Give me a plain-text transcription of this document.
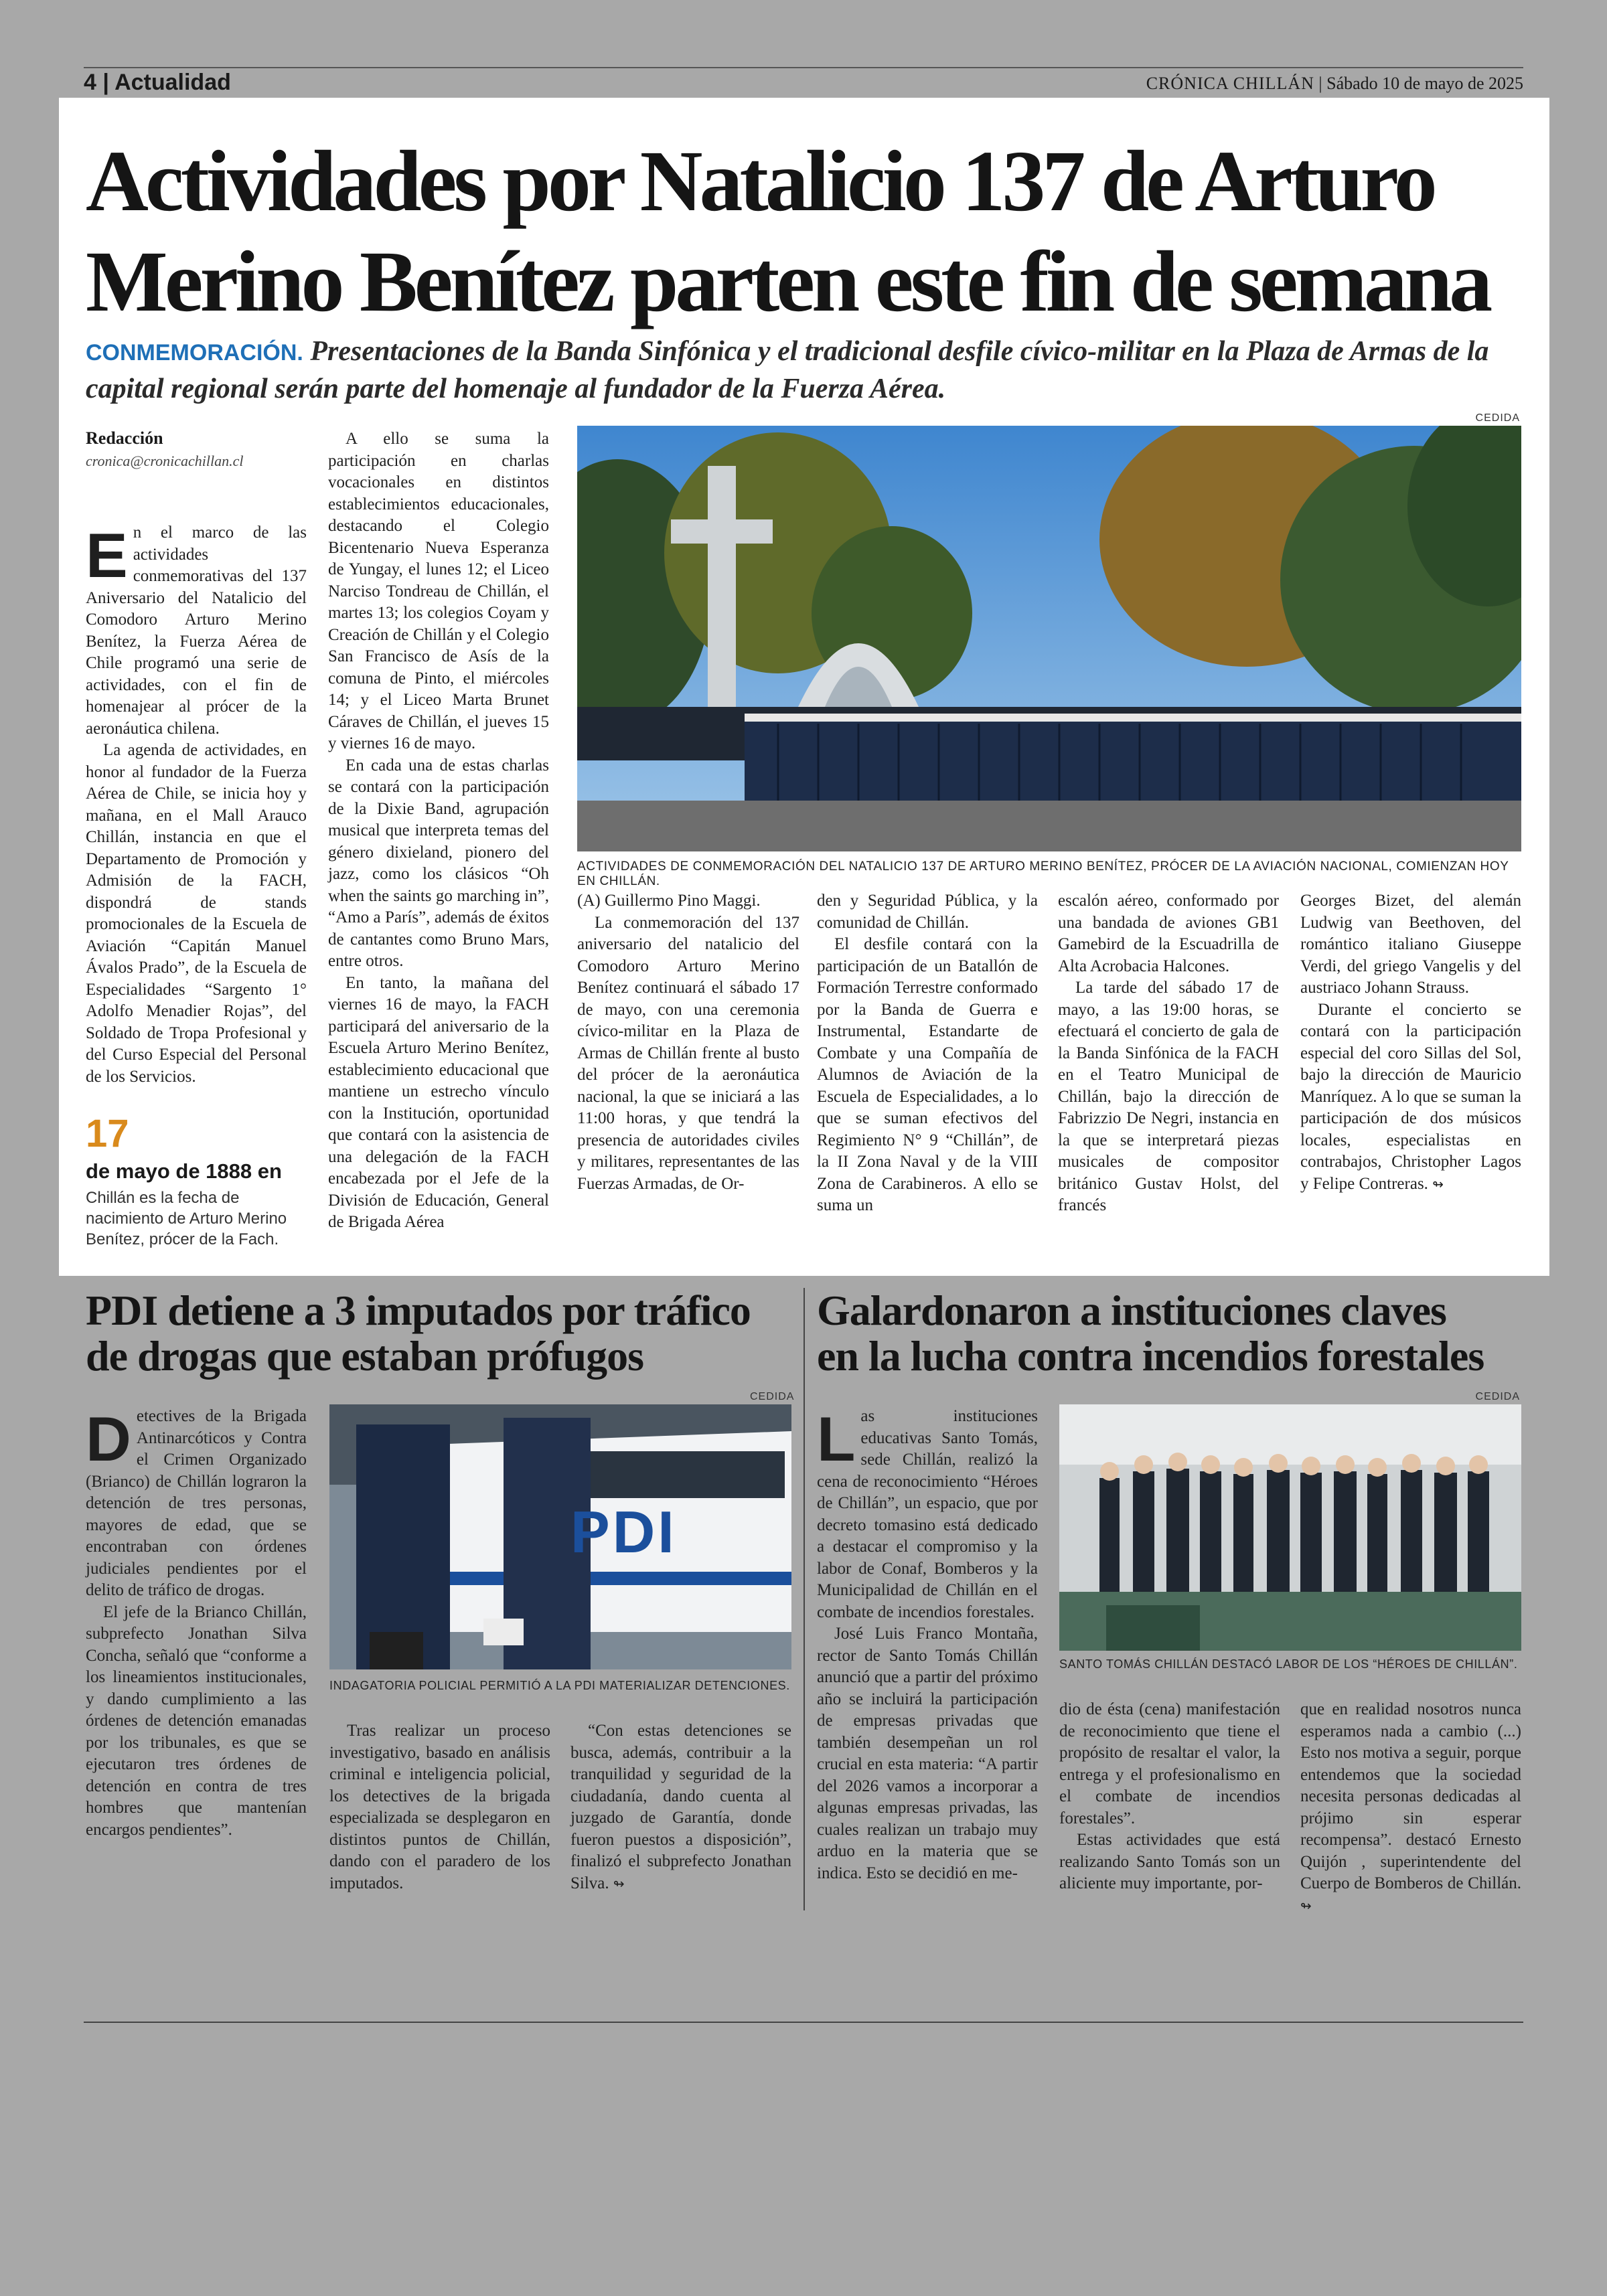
4 | Actualidad	CRÓNICA CHILLÁN | Sábado 10 de mayo de 2025
Actividades por Natalicio 137 de Arturo
Merino Benítez parten este fin de semana
CONMEMORACIÓN. Presentaciones de la Banda Sinfónica y el tradicional desfile cívico-militar en la Plaza de Armas de la capital regional serán parte del homenaje al fundador de la Fuerza Aérea.
Redacción
cronica@cronicachillan.cl

En el marco de las actividades conmemorativas del 137 Aniversario del Natalicio del Comodoro Arturo Merino Benítez, la Fuerza Aérea de Chile programó una serie de actividades, con el fin de homenajear al prócer de la aeronáutica chilena.

La agenda de actividades, en honor al fundador de la Fuerza Aérea de Chile, se inicia hoy y mañana, en el Mall Arauco Chillán, instancia en que el Departamento de Promoción y Admisión de la FACH, dispondrá de stands promocionales de la Escuela de Aviación “Capitán Manuel Ávalos Prado”, de la Escuela de Especialidades “Sargento 1° Adolfo Menadier Rojas”, del Soldado de Tropa Profesional y del Curso Especial del Personal de los Servicios.

17
de mayo de 1888 en
Chillán es la fecha de nacimiento de Arturo Merino Benítez, prócer de la Fach.

A ello se suma la participación en charlas vocacionales en distintos establecimientos educacionales, destacando el Colegio Bicentenario Nueva Esperanza de Yungay, el lunes 12; el Liceo Narciso Tondreau de Chillán, el martes 13; los colegios Coyam y Creación de Chillán y el Colegio San Francisco de Asís de la comuna de Pinto, el miércoles 14; y el Liceo Marta Brunet Cáraves de Chillán, el jueves 15 y viernes 16 de mayo.

En cada una de estas charlas se contará con la participación de la Dixie Band, agrupación musical que interpreta temas del género dixieland, pionero del jazz, como los clásicos “Oh when the saints go marching in”, “Amo a París”, además de éxitos de cantantes como Bruno Mars, entre otros.

En tanto, la mañana del viernes 16 de mayo, la FACH participará del aniversario de la Escuela Arturo Merino Benítez, establecimiento educacional que mantiene un estrecho vínculo con la Institución, oportunidad que contará con la asistencia de una delegación de la FACH encabezada por el Jefe de la División de Educación, General de Brigada Aérea

CEDIDA
ACTIVIDADES DE CONMEMORACIÓN DEL NATALICIO 137 DE ARTURO MERINO BENÍTEZ, PRÓCER DE LA AVIACIÓN NACIONAL, COMIENZAN HOY EN CHILLÁN.

(A) Guillermo Pino Maggi.

La conmemoración del 137 aniversario del natalicio del Comodoro Arturo Merino Benítez continuará el sábado 17 de mayo, con una ceremonia cívico-militar en la Plaza de Armas de Chillán frente al busto del prócer de la aeronáutica nacional, la que se iniciará a las 11:00 horas, y que tendrá la presencia de autoridades civiles y militares, representantes de las Fuerzas Armadas, de Or-

den y Seguridad Pública, y la comunidad de Chillán.

El desfile contará con la participación de un Batallón de Formación Terrestre conformado por la Banda de Guerra e Instrumental, Estandarte de Combate y una Compañía de Alumnos de Aviación de la Escuela de Especialidades, a lo que se suman efectivos del Regimiento N° 9 “Chillán”, de la II Zona Naval y de la VIII Zona de Carabineros. A ello se suma un

escalón aéreo, conformado por una bandada de aviones GB1 Gamebird de la Escuadrilla de Alta Acrobacia Halcones.

La tarde del sábado 17 de mayo, a las 19:00 horas, se efectuará el concierto de gala de la Banda Sinfónica de la FACH en el Teatro Municipal de Chillán, bajo la dirección de Fabrizzio De Negri, instancia en la que se interpretará piezas musicales de compositor británico Gustav Holst, del francés

Georges Bizet, del alemán Ludwig van Beethoven, del romántico italiano Giuseppe Verdi, del griego Vangelis y del austriaco Johann Strauss.

Durante el concierto se contará con la participación especial del coro Sillas del Sol, bajo la dirección de Mauricio Manríquez. A lo que se suman la participación de dos músicos locales, especialistas en contrabajos, Christopher Lagos y Felipe Contreras. ↬

PDI detiene a 3 imputados por tráfico
de drogas que estaban prófugos

Detectives de la Brigada Antinarcóticos y Contra el Crimen Organizado (Brianco) de Chillán lograron la detención de tres personas, mayores de edad, que se encontraban con órdenes judiciales pendientes por el delito de tráfico de drogas.

El jefe de la Brianco Chillán, subprefecto Jonathan Silva Concha, señaló que “conforme a los lineamientos institucionales, y dando cumplimiento a las órdenes de detención emanadas por los tribunales, es que se ejecutaron tres órdenes de detención en contra de tres hombres que mantenían encargos pendientes”.

CEDIDA
PDI
INDAGATORIA POLICIAL PERMITIÓ A LA PDI MATERIALIZAR DETENCIONES.

Tras realizar un proceso investigativo, basado en análisis criminal e inteligencia policial, los detectives de la brigada especializada se desplegaron en distintos puntos de Chillán, dando con el paradero de los imputados.

“Con estas detenciones se busca, además, contribuir a la tranquilidad y seguridad de la ciudadanía, dando cuenta al juzgado de Garantía, donde fueron puestos a disposición”, finalizó el subprefecto Jonathan Silva. ↬

Galardonaron a instituciones claves
en la lucha contra incendios forestales

Las instituciones educativas Santo Tomás, sede Chillán, realizó la cena de reconocimiento “Héroes de Chillán”, un espacio, que por decreto tomasino está dedicado a destacar el compromiso y la labor de Conaf, Bomberos y la Municipalidad de Chillán en el combate de incendios forestales.

José Luis Franco Montaña, rector de Santo Tomás Chillán anunció que a partir del próximo año se incluirá la participación de empresas privadas que también desempeñan un rol crucial en esta materia: “A partir del 2026 vamos a incorporar a algunas empresas privadas, las cuales realizan un trabajo muy arduo en la materia que se indica. Esto se decidió en me-

CEDIDA
SANTO TOMÁS CHILLÁN DESTACÓ LABOR DE LOS “HÉROES DE CHILLÁN”.

dio de ésta (cena) manifestación de reconocimiento que tiene el propósito de resaltar el valor, la entrega y el profesionalismo en el combate de incendios forestales”.

Estas actividades que está realizando Santo Tomás son un aliciente muy importante, por-

que en realidad nosotros nunca esperamos nada a cambio (...) Esto nos motiva a seguir, porque entendemos que la sociedad necesita personas dedicadas al prójimo sin esperar recompensa”. destacó Ernesto Quijón , superintendente del Cuerpo de Bomberos de Chillán. ↬
